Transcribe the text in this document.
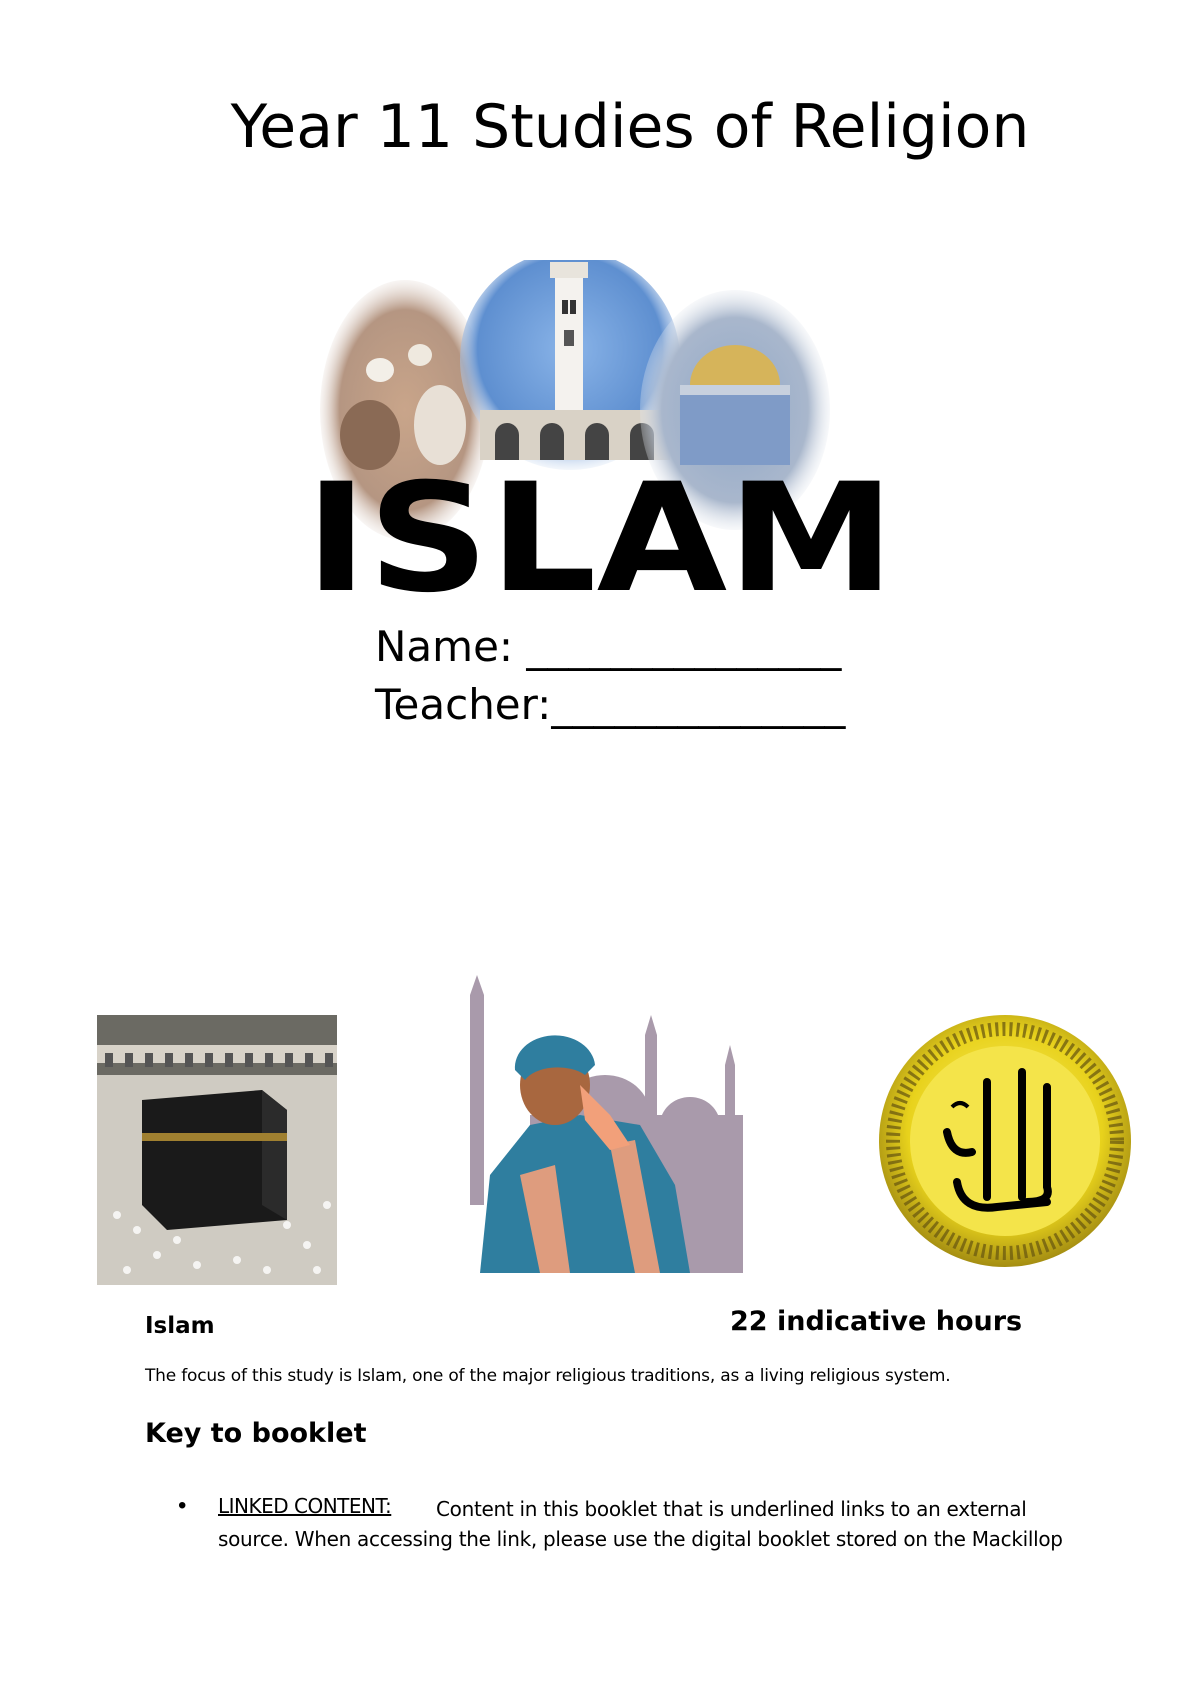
Year 11 Studies of Religion
ISLAM
Name: _______________
Teacher:______________
Islam	22 indicative hours
The focus of this study is Islam, one of the major religious traditions, as a living religious system.
Key to booklet
• LINKED CONTENT:	Content in this booklet that is underlined links to an external source. When accessing the link, please use the digital booklet stored on the Mackillop
